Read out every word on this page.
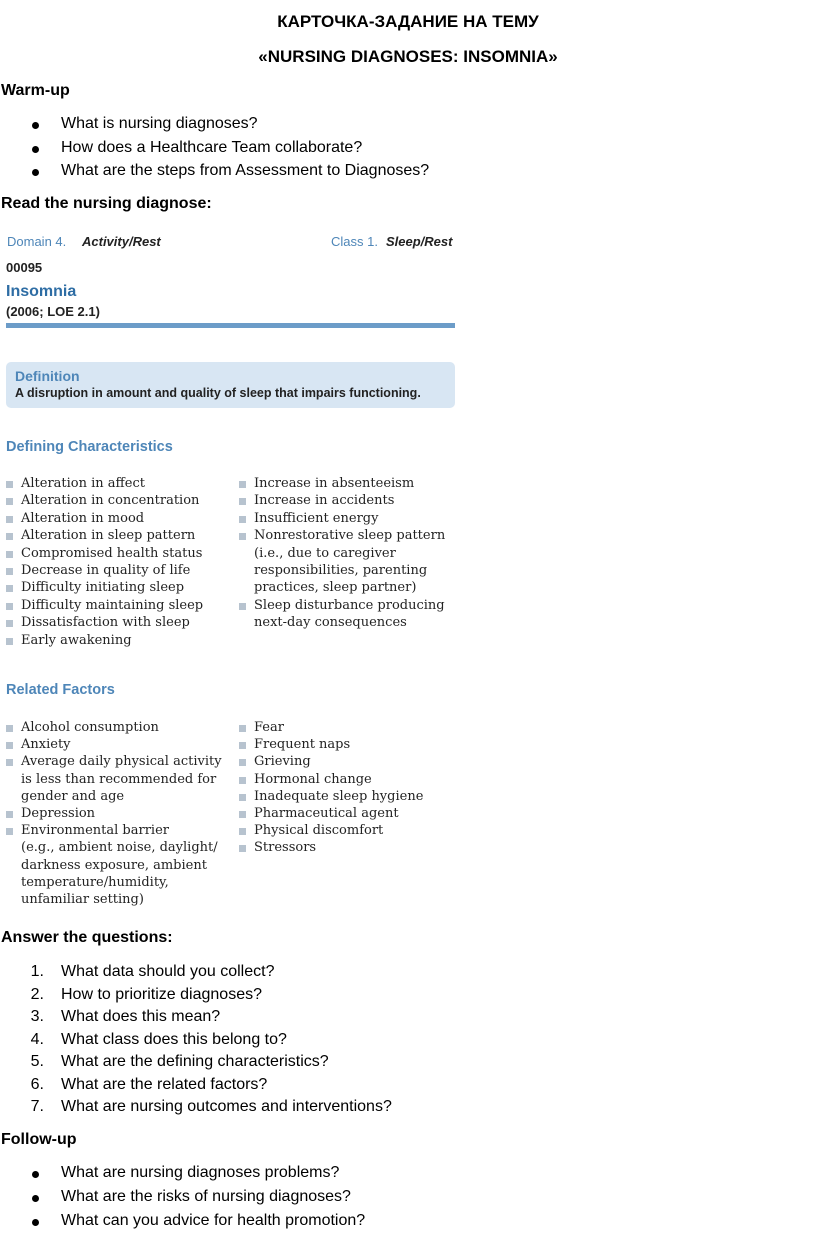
КАРТОЧКА-ЗАДАНИЕ НА ТЕМУ
«NURSING DIAGNOSES: INSOMNIA»
Warm-up
What is nursing diagnoses?
How does a Healthcare Team collaborate?
What are the steps from Assessment to Diagnoses?
Read the nursing diagnose:
Domain 4. Activity/Rest	Class 1. Sleep/Rest
00095
Insomnia
(2006; LOE 2.1)
Definition
A disruption in amount and quality of sleep that impairs functioning.
Defining Characteristics
Alteration in affect
Alteration in concentration
Alteration in mood
Alteration in sleep pattern
Compromised health status
Decrease in quality of life
Difficulty initiating sleep
Difficulty maintaining sleep
Dissatisfaction with sleep
Early awakening
Increase in absenteeism
Increase in accidents
Insufficient energy
Nonrestorative sleep pattern
(i.e., due to caregiver
responsibilities, parenting
practices, sleep partner)
Sleep disturbance producing
next-day consequences
Related Factors
Alcohol consumption
Anxiety
Average daily physical activity
is less than recommended for
gender and age
Depression
Environmental barrier
(e.g., ambient noise, daylight/
darkness exposure, ambient
temperature/humidity,
unfamiliar setting)
Fear
Frequent naps
Grieving
Hormonal change
Inadequate sleep hygiene
Pharmaceutical agent
Physical discomfort
Stressors
Answer the questions:
1. What data should you collect?
2. How to prioritize diagnoses?
3. What does this mean?
4. What class does this belong to?
5. What are the defining characteristics?
6. What are the related factors?
7. What are nursing outcomes and interventions?
Follow-up
What are nursing diagnoses problems?
What are the risks of nursing diagnoses?
What can you advice for health promotion?
